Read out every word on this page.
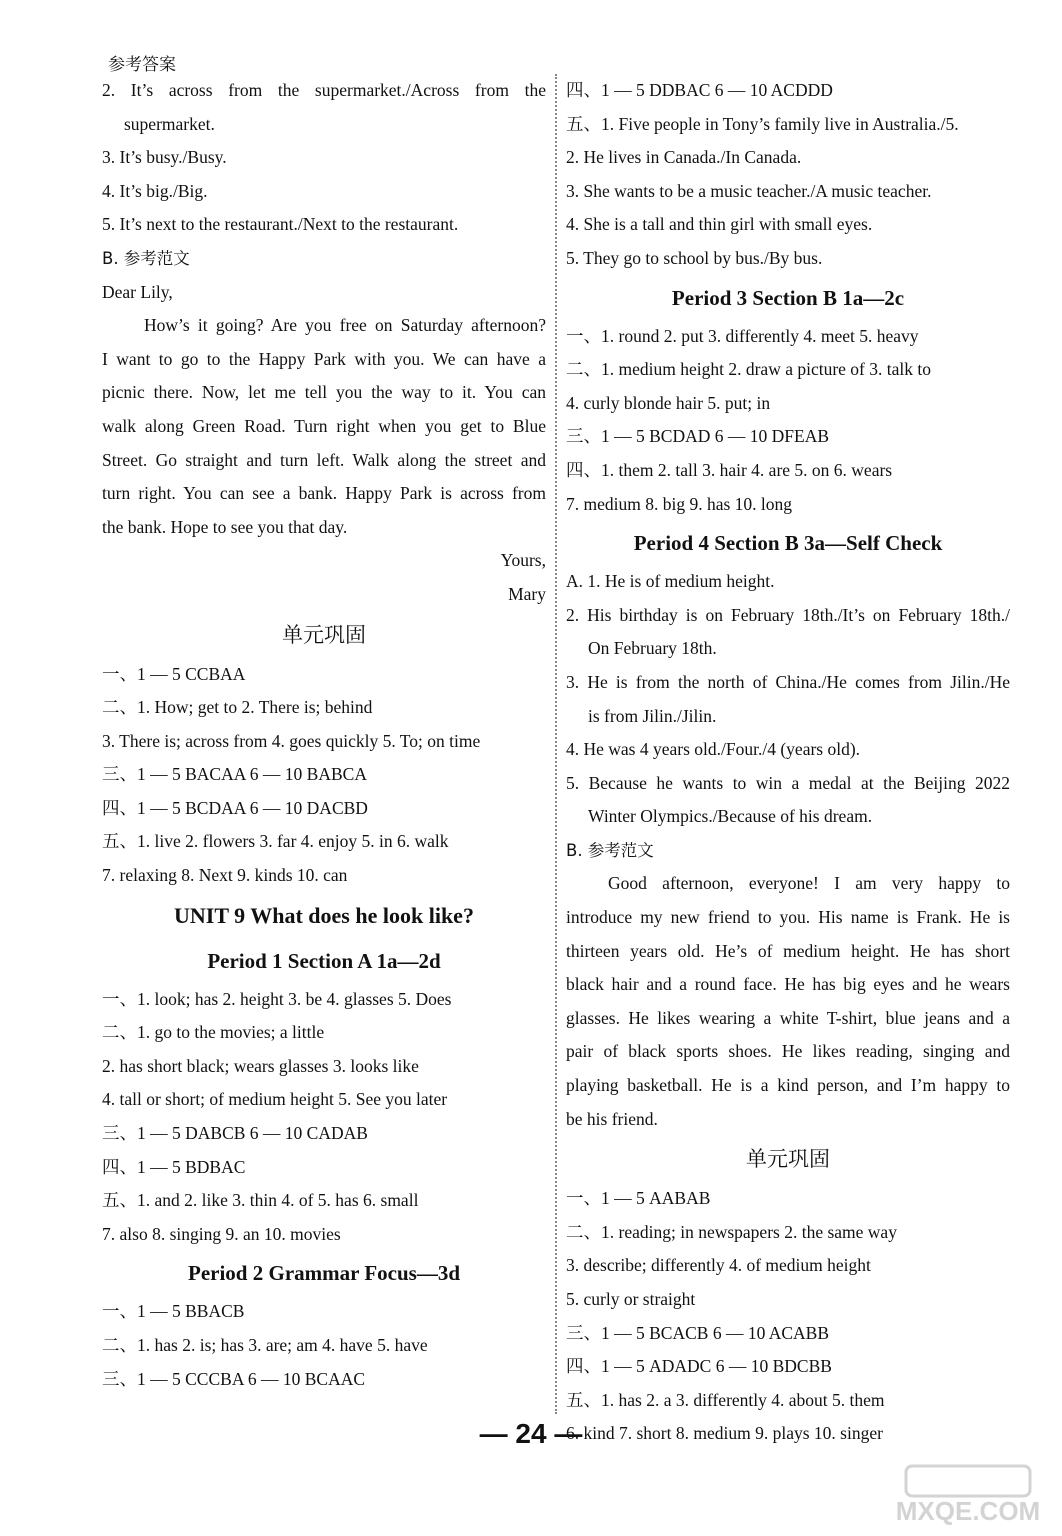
参考答案
2. It’s across from the supermarket./Across from the
supermarket.
3. It’s busy./Busy.
4. It’s big./Big.
5. It’s next to the restaurant./Next to the restaurant.
B. 参考范文
Dear Lily,
How’s it going? Are you free on Saturday afternoon?
I want to go to the Happy Park with you. We can have a
picnic there. Now, let me tell you the way to it. You can
walk along Green Road. Turn right when you get to Blue
Street. Go straight and turn left. Walk along the street and
turn right. You can see a bank. Happy Park is across from
the bank. Hope to see you that day.
Yours,
Mary
单元巩固
一、1 — 5 CCBAA
二、1. How; get to 2. There is; behind
3. There is; across from 4. goes quickly 5. To; on time
三、1 — 5 BACAA 6 — 10 BABCA
四、1 — 5 BCDAA 6 — 10 DACBD
五、1. live 2. flowers 3. far 4. enjoy 5. in 6. walk
7. relaxing 8. Next 9. kinds 10. can
UNIT 9 What does he look like?
Period 1 Section A 1a—2d
一、1. look; has 2. height 3. be 4. glasses 5. Does
二、1. go to the movies; a little
2. has short black; wears glasses 3. looks like
4. tall or short; of medium height 5. See you later
三、1 — 5 DABCB 6 — 10 CADAB
四、1 — 5 BDBAC
五、1. and 2. like 3. thin 4. of 5. has 6. small
7. also 8. singing 9. an 10. movies
Period 2 Grammar Focus—3d
一、1 — 5 BBACB
二、1. has 2. is; has 3. are; am 4. have 5. have
三、1 — 5 CCCBA 6 — 10 BCAAC
四、1 — 5 DDBAC 6 — 10 ACDDD
五、1. Five people in Tony’s family live in Australia./5.
2. He lives in Canada./In Canada.
3. She wants to be a music teacher./A music teacher.
4. She is a tall and thin girl with small eyes.
5. They go to school by bus./By bus.
Period 3 Section B 1a—2c
一、1. round 2. put 3. differently 4. meet 5. heavy
二、1. medium height 2. draw a picture of 3. talk to
4. curly blonde hair 5. put; in
三、1 — 5 BCDAD 6 — 10 DFEAB
四、1. them 2. tall 3. hair 4. are 5. on 6. wears
7. medium 8. big 9. has 10. long
Period 4 Section B 3a—Self Check
A. 1. He is of medium height.
2. His birthday is on February 18th./It’s on February 18th./
On February 18th.
3. He is from the north of China./He comes from Jilin./He
is from Jilin./Jilin.
4. He was 4 years old./Four./4 (years old).
5. Because he wants to win a medal at the Beijing 2022
Winter Olympics./Because of his dream.
B. 参考范文
Good afternoon, everyone! I am very happy to
introduce my new friend to you. His name is Frank. He is
thirteen years old. He’s of medium height. He has short
black hair and a round face. He has big eyes and he wears
glasses. He likes wearing a white T-shirt, blue jeans and a
pair of black sports shoes. He likes reading, singing and
playing basketball. He is a kind person, and I’m happy to
be his friend.
单元巩固
一、1 — 5 AABAB
二、1. reading; in newspapers 2. the same way
3. describe; differently 4. of medium height
5. curly or straight
三、1 — 5 BCACB 6 — 10 ACABB
四、1 — 5 ADADC 6 — 10 BDCBB
五、1. has 2. a 3. differently 4. about 5. them
6. kind 7. short 8. medium 9. plays 10. singer
— 24 —
MXQE.COM
